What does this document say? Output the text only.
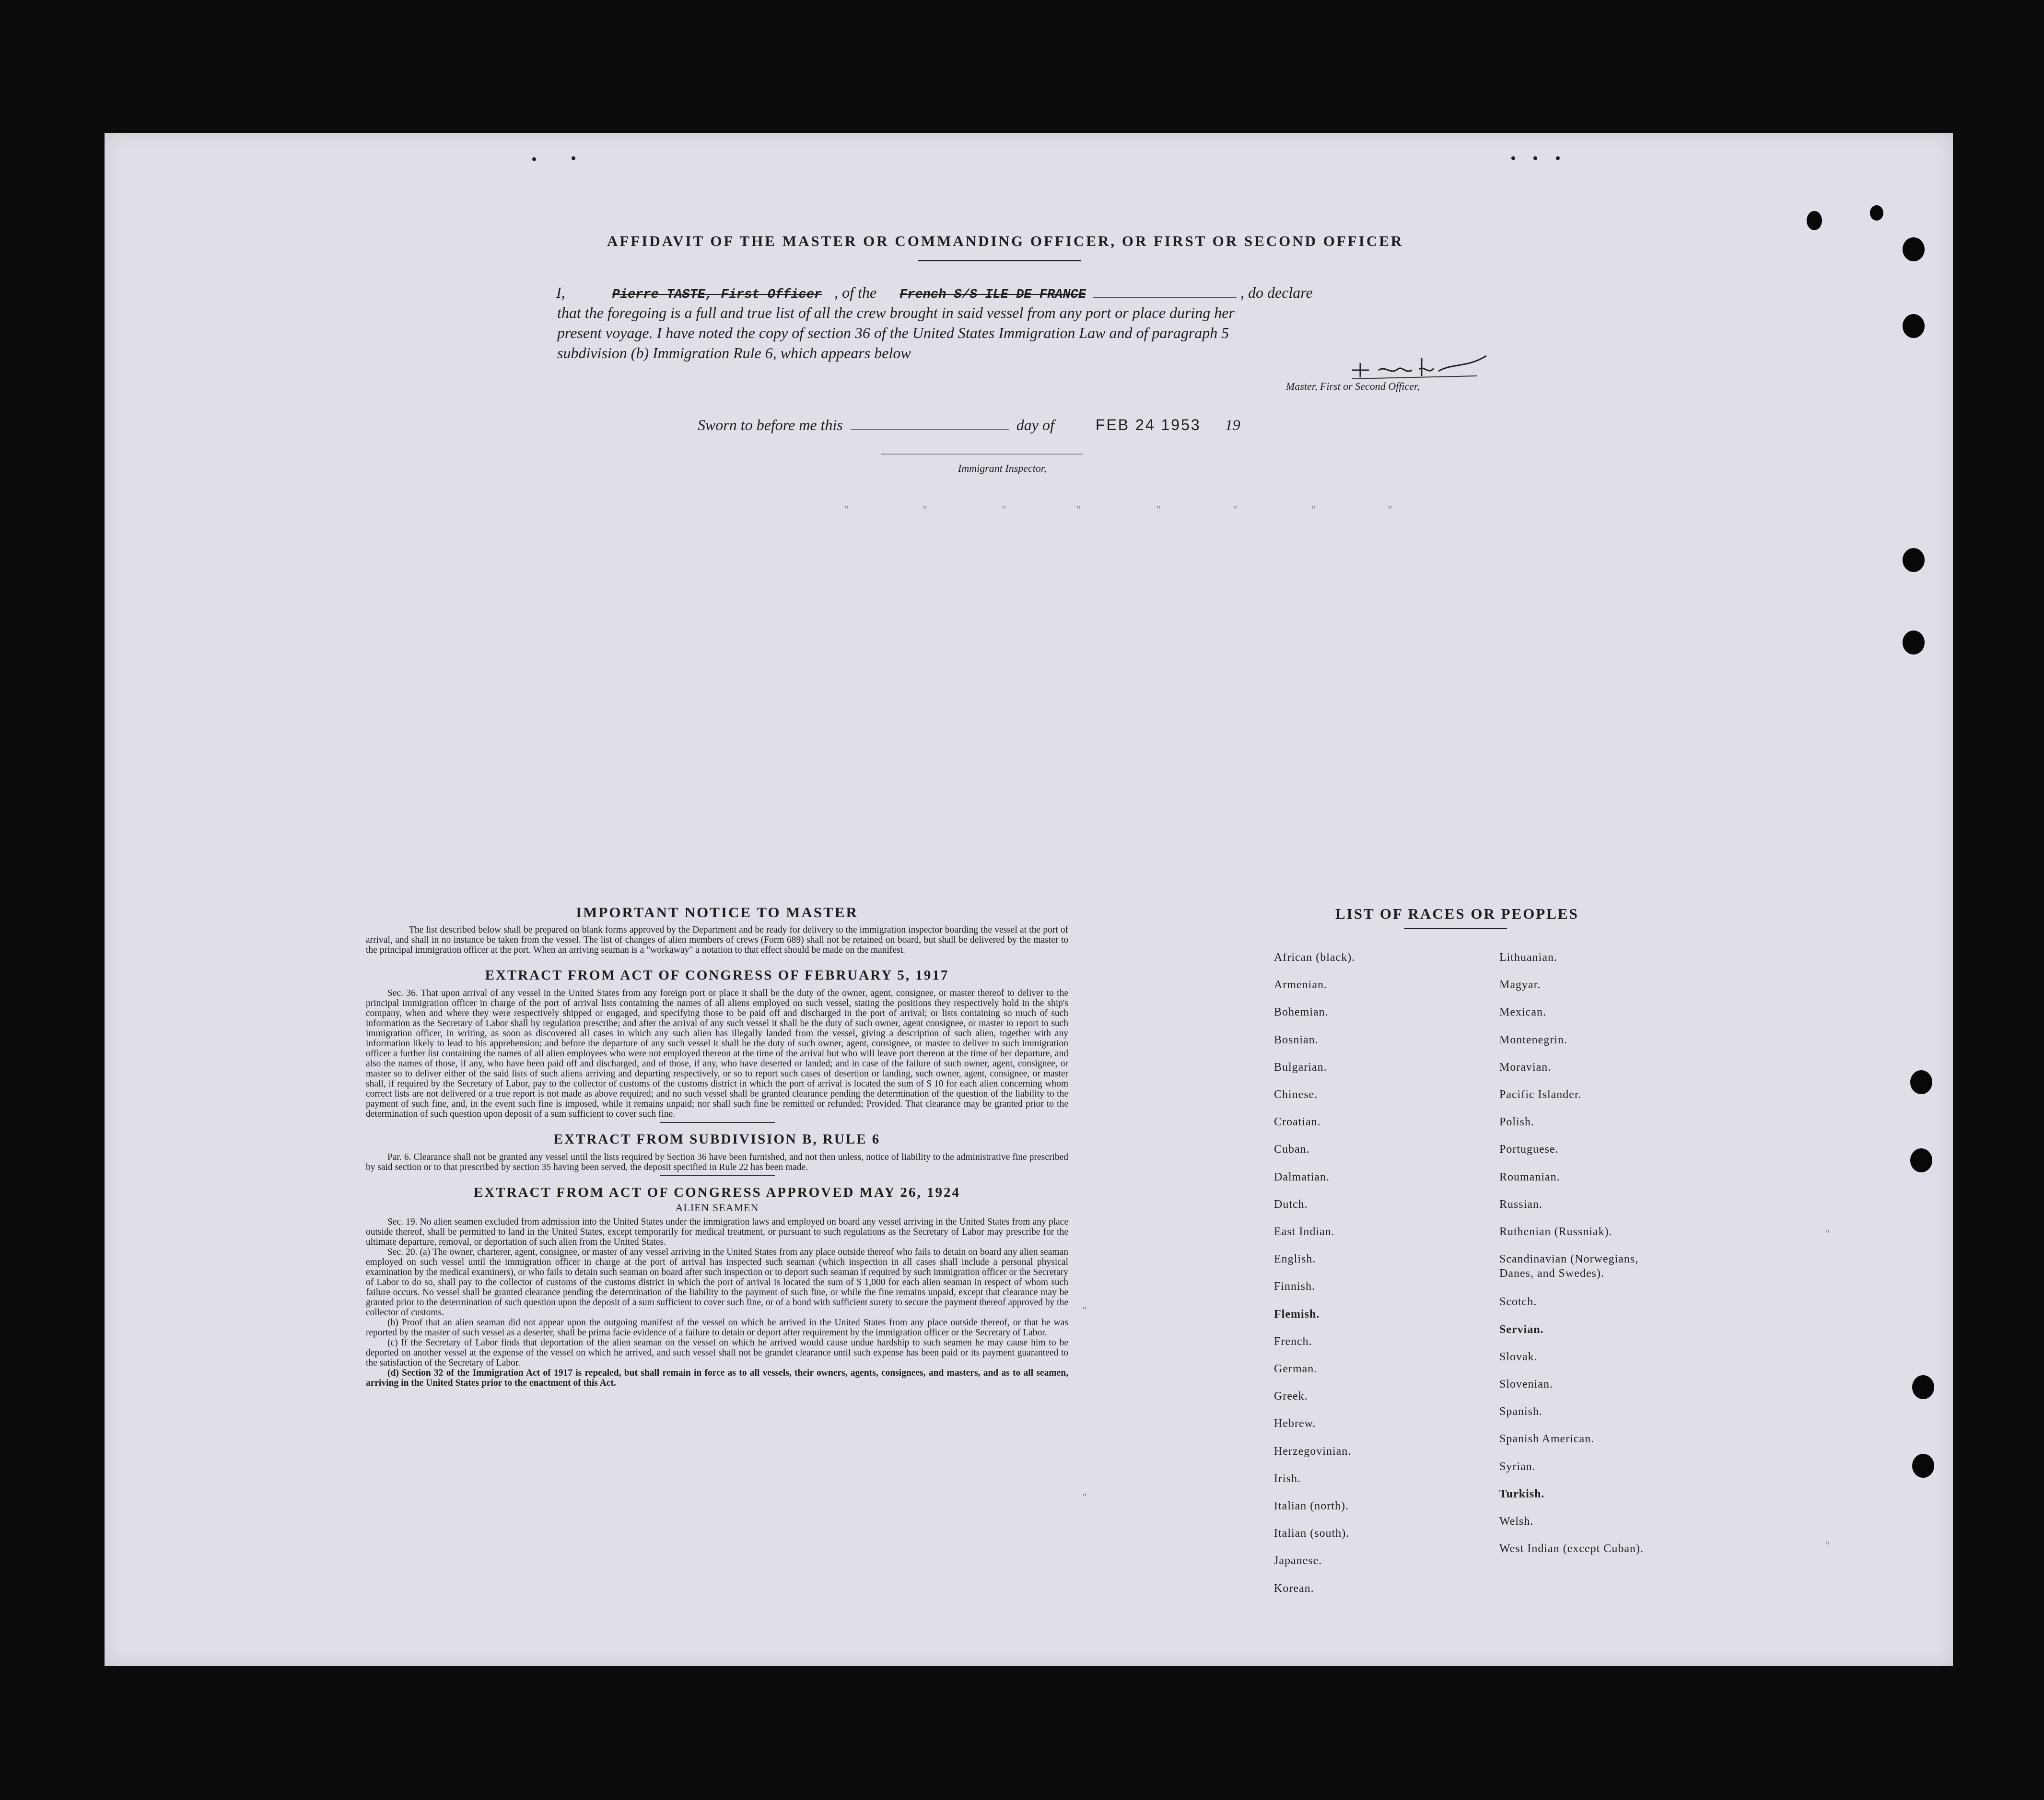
AFFIDAVIT OF THE MASTER OR COMMANDING OFFICER, OR FIRST OR SECOND OFFICER
I,	Pierre TASTE, First Officer , of the French S/S ILE DE FRANCE	, do declare
that the foregoing is a full and true list of all the crew brought in said vessel from any port or place during her
present voyage. I have noted the copy of section 36 of the United States Immigration Law and of paragraph 5
subdivision (b) Immigration Rule 6, which appears below
Master, First or Second Officer,
Sworn to before me this	day of	FEB 24 1953 19
Immigrant Inspector,
''	''	''	''	''	''	''	''
''
''
''
''
IMPORTANT NOTICE TO MASTER

The list described below shall be prepared on blank forms approved by the Department and be ready for delivery to the immigration inspector boarding the vessel at the port of arrival, and shall in no instance be taken from the vessel. The list of changes of alien members of crews (Form 689) shall not be retained on board, but shall be delivered by the master to the principal immigration officer at the port. When an arriving seaman is a "workaway" a notation to that effect should be made on the manifest.

EXTRACT FROM ACT OF CONGRESS OF FEBRUARY 5, 1917

Sec. 36. That upon arrival of any vessel in the United States from any foreign port or place it shall be the duty of the owner, agent, consignee, or master thereof to deliver to the principal immigration officer in charge of the port of arrival lists containing the names of all aliens employed on such vessel, stating the positions they respectively hold in the ship's company, when and where they were respectively shipped or engaged, and specifying those to be paid off and discharged in the port of arrival; or lists containing so much of such information as the Secretary of Labor shall by regulation prescribe; and after the arrival of any such vessel it shall be the duty of such owner, agent consignee, or master to report to such immigration officer, in writing, as soon as discovered all cases in which any such alien has illegally landed from the vessel, giving a description of such alien, together with any information likely to lead to his apprehension; and before the departure of any such vessel it shall be the duty of such owner, agent, consignee, or master to deliver to such immigration officer a further list containing the names of all alien employees who were not employed thereon at the time of the arrival but who will leave port thereon at the time of her departure, and also the names of those, if any, who have been paid off and discharged, and of those, if any, who have deserted or landed; and in case of the failure of such owner, agent, consignee, or master so to deliver either of the said lists of such aliens arriving and departing respectively, or so to report such cases of desertion or landing, such owner, agent, consignee, or master shall, if required by the Secretary of Labor, pay to the collector of customs of the customs district in which the port of arrival is located the sum of $ 10 for each alien concerning whom correct lists are not delivered or a true report is not made as above required; and no such vessel shall be granted clearance pending the determination of the question of the liability to the payment of such fine, and, in the event such fine is imposed, while it remains unpaid; nor shall such fine be remitted or refunded; Provided. That clearance may be granted prior to the determination of such question upon deposit of a sum sufficient to cover such fine.

EXTRACT FROM SUBDIVISION B, RULE 6

Par. 6. Clearance shall not be granted any vessel until the lists required by Section 36 have been furnished, and not then unless, notice of liability to the administrative fine prescribed by said section or to that prescribed by section 35 having been served, the deposit specified in Rule 22 has been made.

EXTRACT FROM ACT OF CONGRESS APPROVED MAY 26, 1924
ALIEN SEAMEN

Sec. 19. No alien seamen excluded from admission into the United States under the immigration laws and employed on board any vessel arriving in the United States from any place outside thereof, shall be permitted to land in the United States, except temporarily for medical treatment, or pursuant to such regulations as the Secretary of Labor may prescribe for the ultimate departure, removal, or deportation of such alien from the United States.

Sec. 20. (a) The owner, charterer, agent, consignee, or master of any vessel arriving in the United States from any place outside thereof who fails to detain on board any alien seaman employed on such vessel until the immigration officer in charge at the port of arrival has inspected such seaman (which inspection in all cases shall include a personal physical examination by the medical examiners), or who fails to detain such seaman on board after such inspection or to deport such seaman if required by such immigration officer or the Secretary of Labor to do so, shall pay to the collector of customs of the customs district in which the port of arrival is located the sum of $ 1,000 for each alien seaman in respect of whom such failure occurs. No vessel shall be granted clearance pending the determination of the liability to the payment of such fine, or while the fine remains unpaid, except that clearance may be granted prior to the determination of such question upon the deposit of a sum sufficient to cover such fine, or of a bond with sufficient surety to secure the payment thereof approved by the collector of customs.

(b) Proof that an alien seaman did not appear upon the outgoing manifest of the vessel on which he arrived in the United States from any place outside thereof, or that he was reported by the master of such vessel as a deserter, shall be prima facie evidence of a failure to detain or deport after requirement by the immigration officer or the Secretary of Labor.

(c) If the Secretary of Labor finds that deportation of the alien seaman on the vessel on which he arrived would cause undue hardship to such seamen he may cause him to be deported on another vessel at the expense of the vessel on which he arrived, and such vessel shall not be grandet clearance until such expense has been paid or its payment guaranteed to the satisfaction of the Secretary of Labor.

(d) Section 32 of the Immigration Act of 1917 is repealed, but shall remain in force as to all vessels, their owners, agents, consignees, and masters, and as to all seamen, arriving in the United States prior to the enactment of this Act.

LIST OF RACES OR PEOPLES
African (black).
Armenian.
Bohemian.
Bosnian.
Bulgarian.
Chinese.
Croatian.
Cuban.
Dalmatian.
Dutch.
East Indian.
English.
Finnish.
Flemish.
French.
German.
Greek.
Hebrew.
Herzegovinian.
Irish.
Italian (north).
Italian (south).
Japanese.
Korean.
Lithuanian.
Magyar.
Mexican.
Montenegrin.
Moravian.
Pacific Islander.
Polish.
Portuguese.
Roumanian.
Russian.
Ruthenian (Russniak).
Scandinavian (Norwegians, Danes, and Swedes).
Scotch.
Servian.
Slovak.
Slovenian.
Spanish.
Spanish American.
Syrian.
Turkish.
Welsh.
West Indian (except Cuban).
